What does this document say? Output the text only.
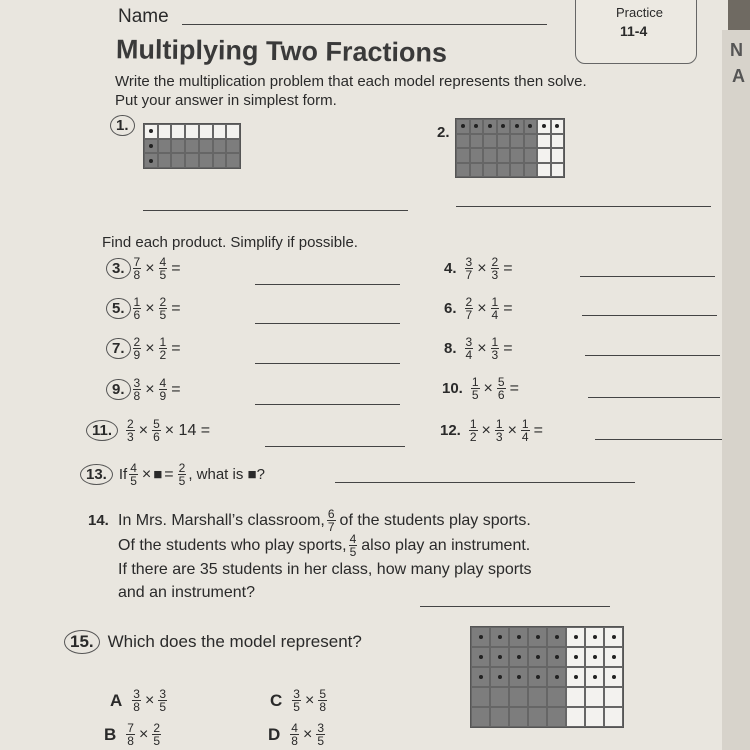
Name	Practice
11-4
Multiplying Two Fractions
Write the multiplication problem that each model represents then solve. Put your answer in simplest form.
1.	2.
Find each product. Simplify if possible.
3. $\frac{7}{8} \times \frac{4}{5}$ =
5. $\frac{1}{6} \times \frac{2}{5}$ =
7. $\frac{2}{9} \times \frac{1}{2}$ =
9. $\frac{3}{8} \times \frac{4}{9}$ =
11.	$\frac{2}{3} \times \frac{5}{6} \times 14$ =
4. $\frac{3}{7} \times \frac{2}{3}$ =
6. $\frac{2}{7} \times \frac{1}{4}$ =
8. $\frac{3}{4} \times \frac{1}{3}$ =
10. $\frac{1}{5} \times \frac{5}{6}$ =
12. $\frac{1}{2} \times \frac{1}{3} \times \frac{1}{4}$ =
13. If $\frac{4}{5}$ × ■ = $\frac{2}{5}$ , what is ■?
14. In Mrs. Marshall’s classroom, $\frac{6}{7}$ of the students play sports.
Of the students who play sports, $\frac{4}{5}$ also play an instrument.
If there are 35 students in her class, how many play sports
and an instrument?
15. Which does the model represent?
A $\frac{3}{8} \times \frac{3}{5}$	C $\frac{3}{5} \times \frac{5}{8}$
B $\frac{7}{8} \times \frac{2}{5}$	D $\frac{4}{8} \times \frac{3}{5}$
N
A
